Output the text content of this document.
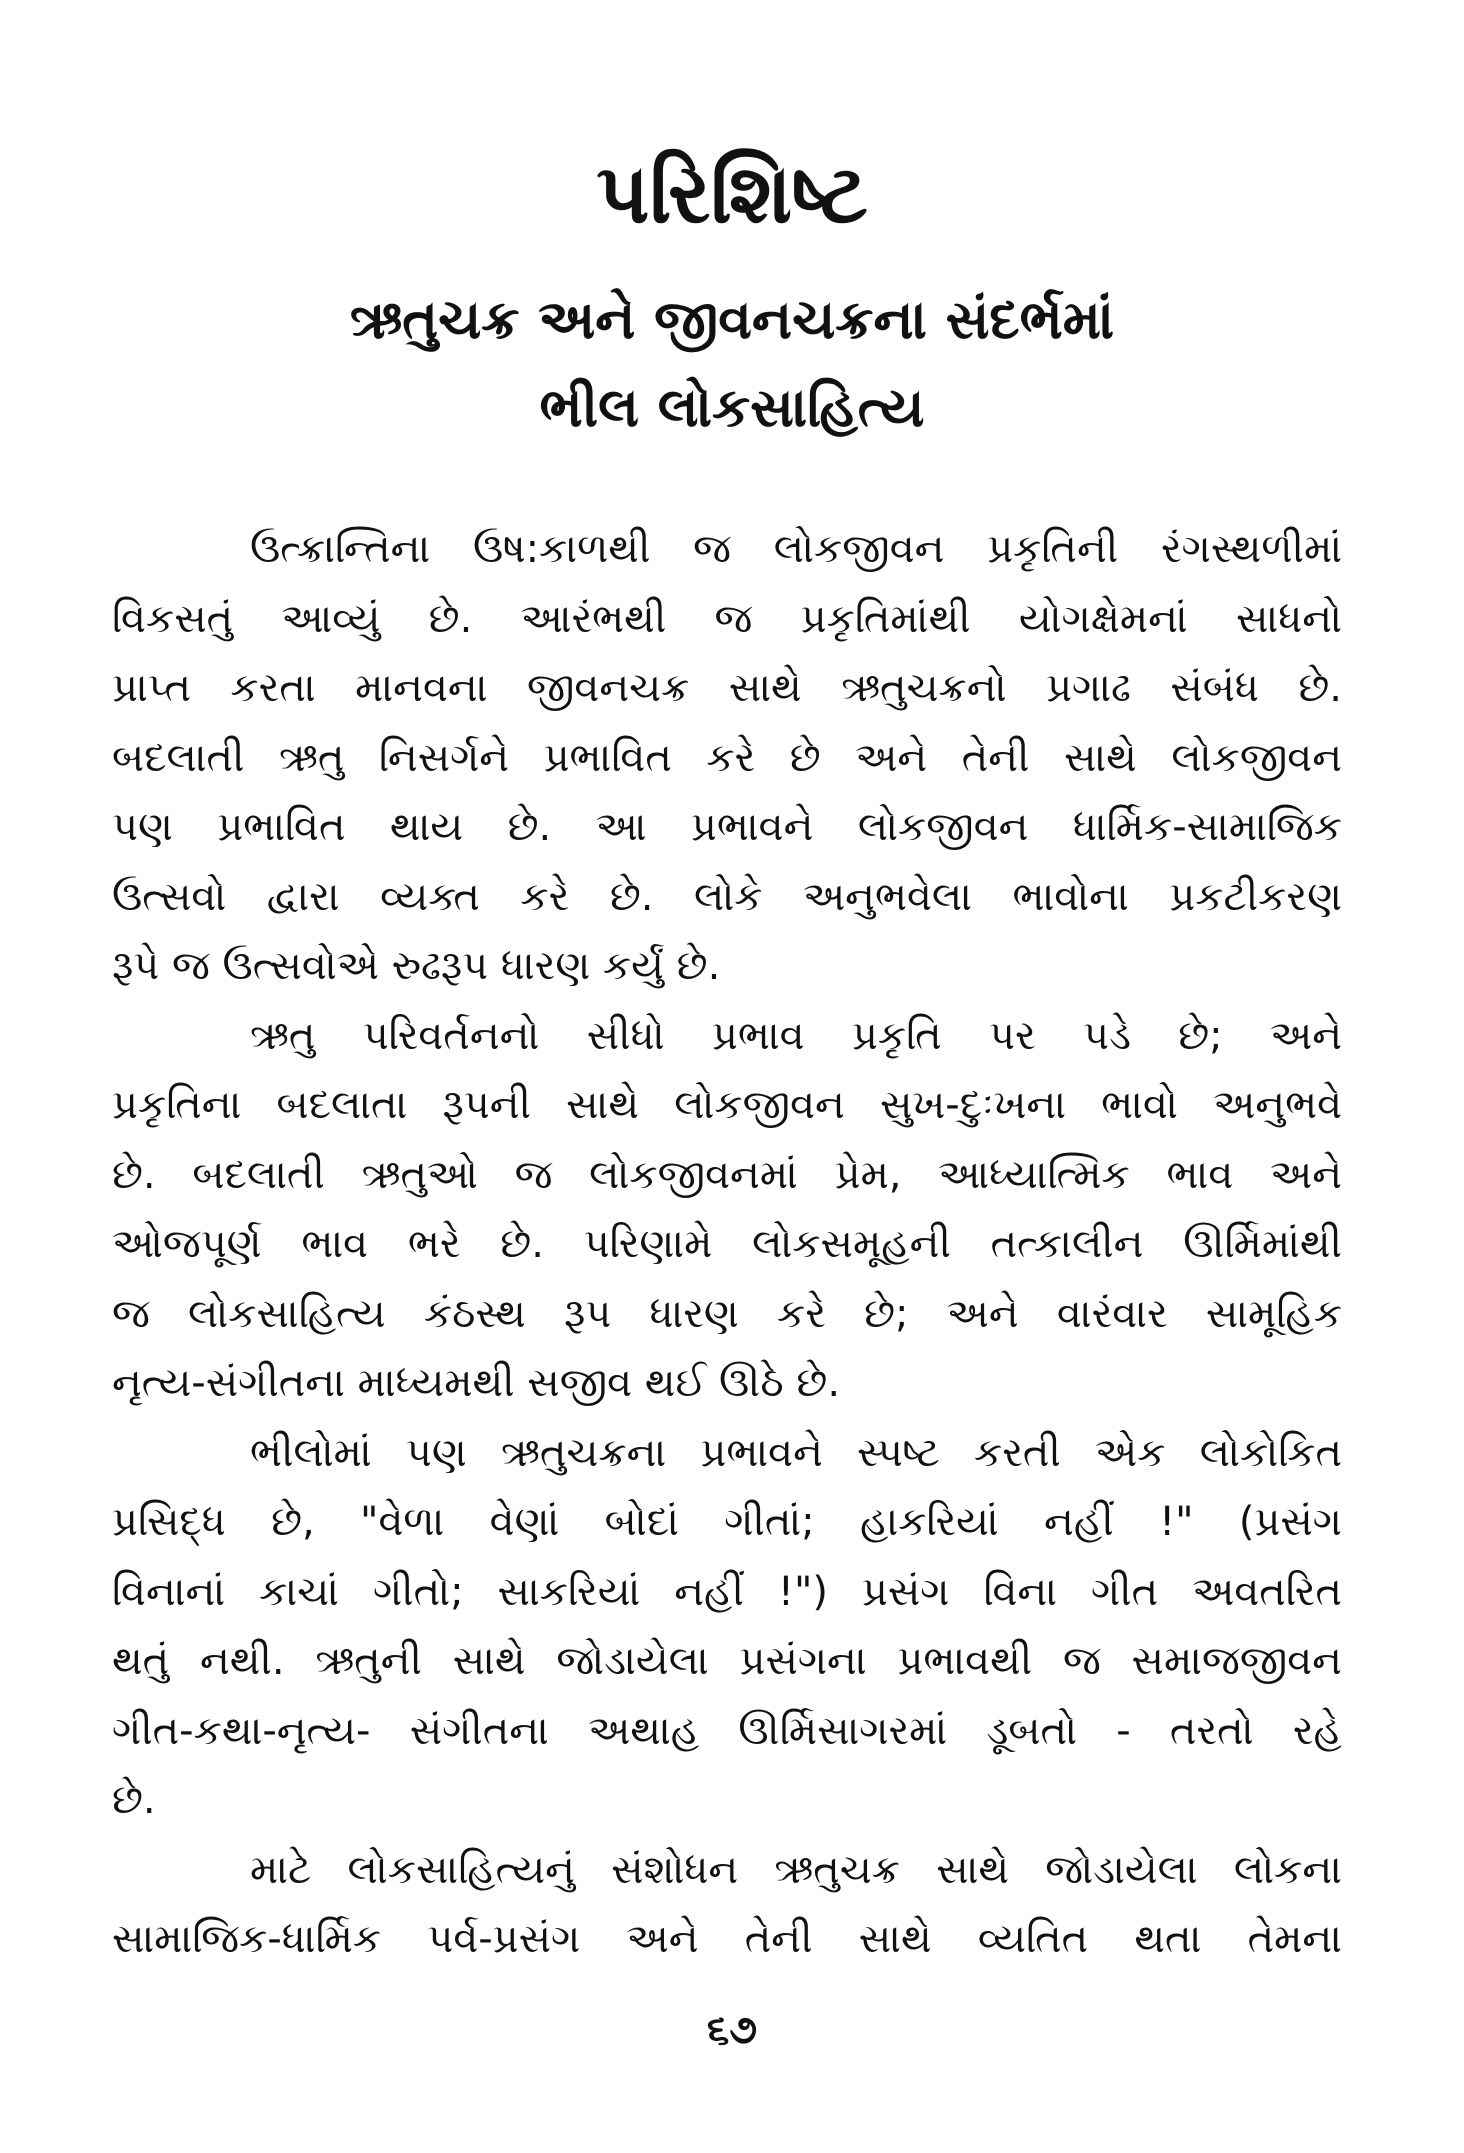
પરિશિષ્ટ
ઋતુચક્ર અને જીવનચક્રના સંદર્ભમાં
ભીલ લોકસાહિત્ય
ઉત્ક્રાન્તિના ઉષ:કાળથી જ લોકજીવન પ્રકૃતિની રંગસ્થળીમાં
વિકસતું આવ્યું છે. આરંભથી જ પ્રકૃતિમાંથી યોગક્ષેમનાં સાધનો
પ્રાપ્ત કરતા માનવના જીવનચક્ર સાથે ઋતુચક્રનો પ્રગાઢ સંબંધ છે.
બદલાતી ઋતુ નિસર્ગને પ્રભાવિત કરે છે અને તેની સાથે લોકજીવન
પણ પ્રભાવિત થાય છે. આ પ્રભાવને લોકજીવન ધાર્મિક-સામાજિક
ઉત્સવો દ્વારા વ્યક્ત કરે છે. લોકે અનુભવેલા ભાવોના પ્રકટીકરણ
રૂપે જ ઉત્સવોએ રુઢરૂપ ધારણ કર્યું છે.
ઋતુ પરિવર્તનનો સીધો પ્રભાવ પ્રકૃતિ પર પડે છે; અને
પ્રકૃતિના બદલાતા રૂપની સાથે લોકજીવન સુખ-દુઃખના ભાવો અનુભવે
છે. બદલાતી ઋતુઓ જ લોકજીવનમાં પ્રેમ, આધ્યાત્મિક ભાવ અને
ઓજપૂર્ણ ભાવ ભરે છે. પરિણામે લોકસમૂહની તત્કાલીન ઊર્મિમાંથી
જ લોકસાહિત્ય કંઠસ્થ રૂપ ધારણ કરે છે; અને વારંવાર સામૂહિક
નૃત્ય-સંગીતના માધ્યમથી સજીવ થઈ ઊઠે છે.
ભીલોમાં પણ ઋતુચક્રના પ્રભાવને સ્પષ્ટ કરતી એક લોકોકિત
પ્રસિદ્ધ છે, "વેળા વેણાં બોદાં ગીતાં; હાકરિયાં નહીં !" (પ્રસંગ
વિનાનાં કાચાં ગીતો; સાકરિયાં નહીં !") પ્રસંગ વિના ગીત અવતરિત
થતું નથી. ઋતુની સાથે જોડાયેલા પ્રસંગના પ્રભાવથી જ સમાજજીવન
ગીત-કથા-નૃત્ય- સંગીતના અથાહ ઊર્મિસાગરમાં ડૂબતો - તરતો રહે
છે.
માટે લોકસાહિત્યનું સંશોધન ઋતુચક્ર સાથે જોડાયેલા લોકના
સામાજિક-ધાર્મિક પર્વ-પ્રસંગ અને તેની સાથે વ્યતિત થતા તેમના
૬૭
